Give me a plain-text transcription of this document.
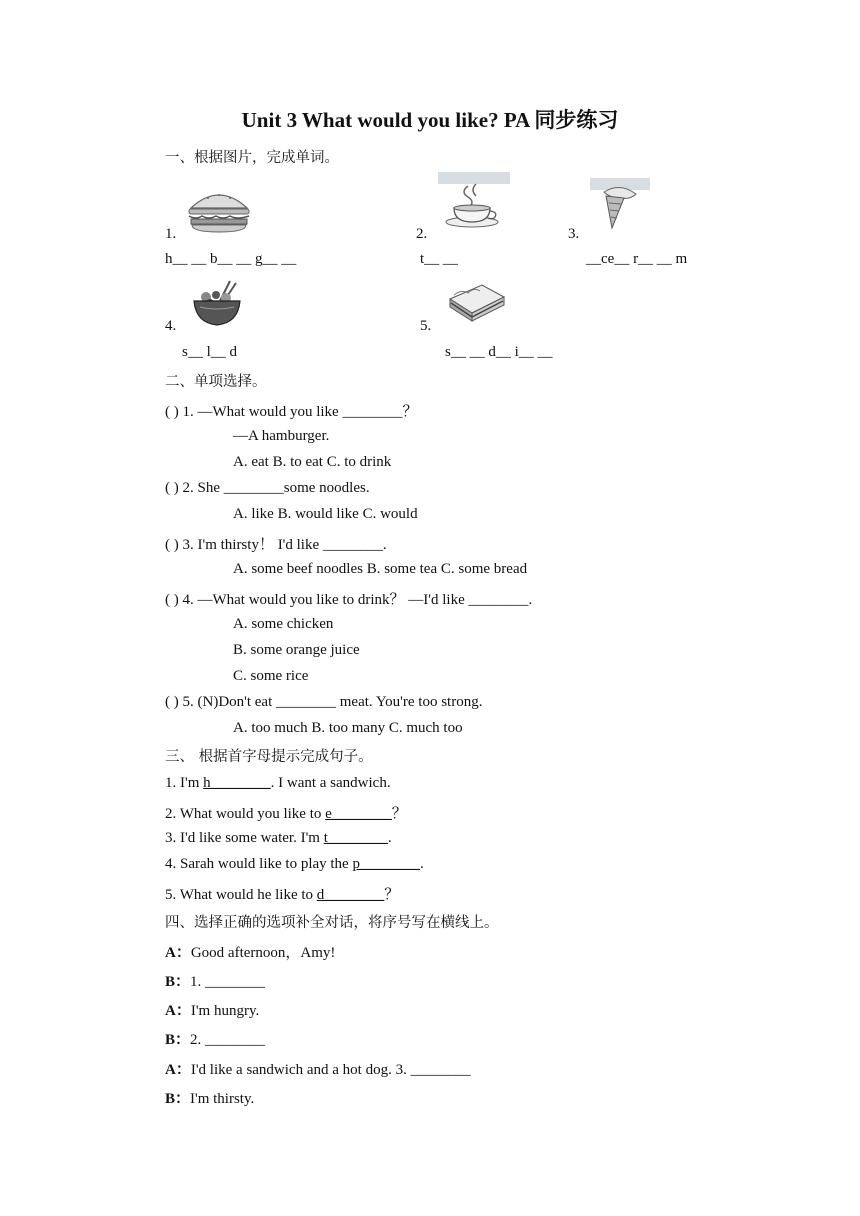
Unit 3 What would you like? PA 同步练习
一、根据图片，完成单词。
1.	2.	3.
h__ __ b__ __ g__ __	t__ __	__ce__ r__ __ m
4.	5.
s__ l__ d	s__ __ d__ i__ __
二、单项选择。
( ) 1. —What would you like ________？
—A hamburger.
A. eat B. to eat C. to drink
( ) 2. She ________some noodles.
A. like B. would like C. would
( ) 3. I'm thirsty！ I'd like ________.
A. some beef noodles B. some tea C. some bread
( ) 4. —What would you like to drink？ —I'd like ________.
A. some chicken
B. some orange juice
C. some rice
( ) 5. (N)Don't eat ________ meat. You're too strong.
A. too much B. too many C. much too
三、 根据首字母提示完成句子。
1. I'm h________. I want a sandwich.
2. What would you like to e________？
3. I'd like some water. I'm t________.
4. Sarah would like to play the p________.
5. What would he like to d________？
四、选择正确的选项补全对话，将序号写在横线上。
A：Good afternoon，Amy!
B：1. ________
A：I'm hungry.
B：2. ________
A：I'd like a sandwich and a hot dog. 3. ________
B：I'm thirsty.
